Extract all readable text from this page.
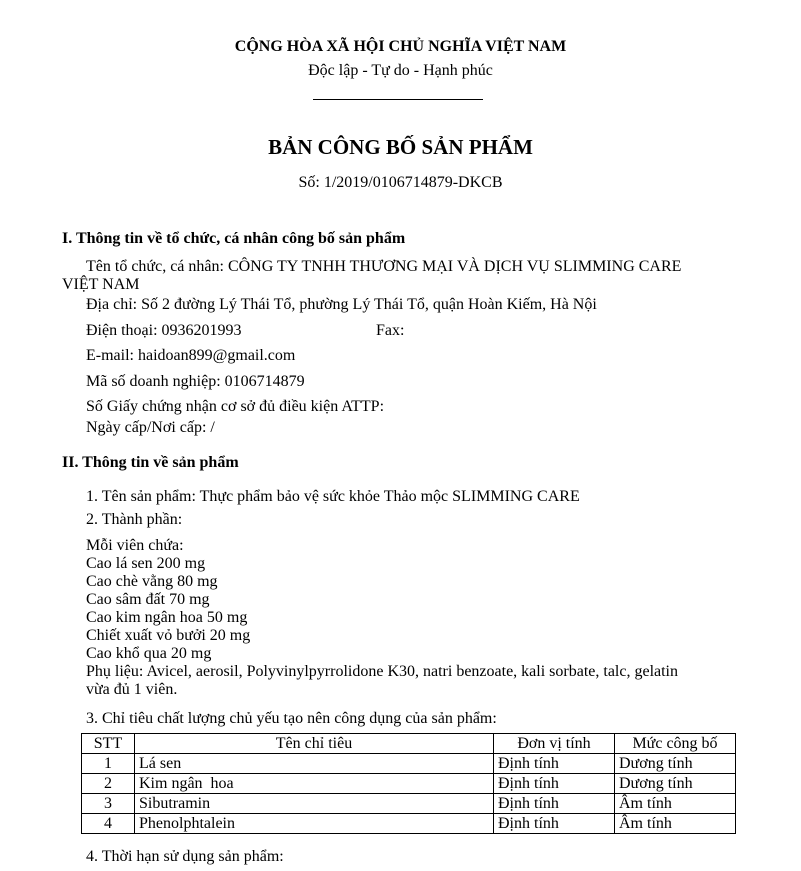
CỘNG HÒA XÃ HỘI CHỦ NGHĨA VIỆT NAM
Độc lập - Tự do - Hạnh phúc
BẢN CÔNG BỐ SẢN PHẨM
Số: 1/2019/0106714879-DKCB
I. Thông tin về tổ chức, cá nhân công bố sản phẩm
Tên tổ chức, cá nhân: CÔNG TY TNHH THƯƠNG MẠI VÀ DỊCH VỤ SLIMMING CARE
VIỆT NAM
Địa chỉ: Số 2 đường Lý Thái Tổ, phường Lý Thái Tổ, quận Hoàn Kiếm, Hà Nội
Điện thoại: 0936201993	Fax:
E-mail: haidoan899@gmail.com
Mã số doanh nghiệp: 0106714879
Số Giấy chứng nhận cơ sở đủ điều kiện ATTP:
Ngày cấp/Nơi cấp: /
II. Thông tin về sản phẩm
1. Tên sản phẩm: Thực phẩm bảo vệ sức khỏe Thảo mộc SLIMMING CARE
2. Thành phần:
Mỗi viên chứa:
Cao lá sen 200 mg
Cao chè vằng 80 mg
Cao sâm đất 70 mg
Cao kim ngân hoa 50 mg
Chiết xuất vỏ bưởi 20 mg
Cao khổ qua 20 mg
Phụ liệu: Avicel, aerosil, Polyvinylpyrrolidone K30, natri benzoate, kali sorbate, talc, gelatin
vừa đủ 1 viên.
3. Chỉ tiêu chất lượng chủ yếu tạo nên công dụng của sản phẩm:
STT	Tên chỉ tiêu	Đơn vị tính	Mức công bố
1	Lá sen	Định tính	Dương tính
2	Kim ngân  hoa	Định tính	Dương tính
3	Sibutramin	Định tính	Âm tính
4	Phenolphtalein	Định tính	Âm tính
4. Thời hạn sử dụng sản phẩm:
